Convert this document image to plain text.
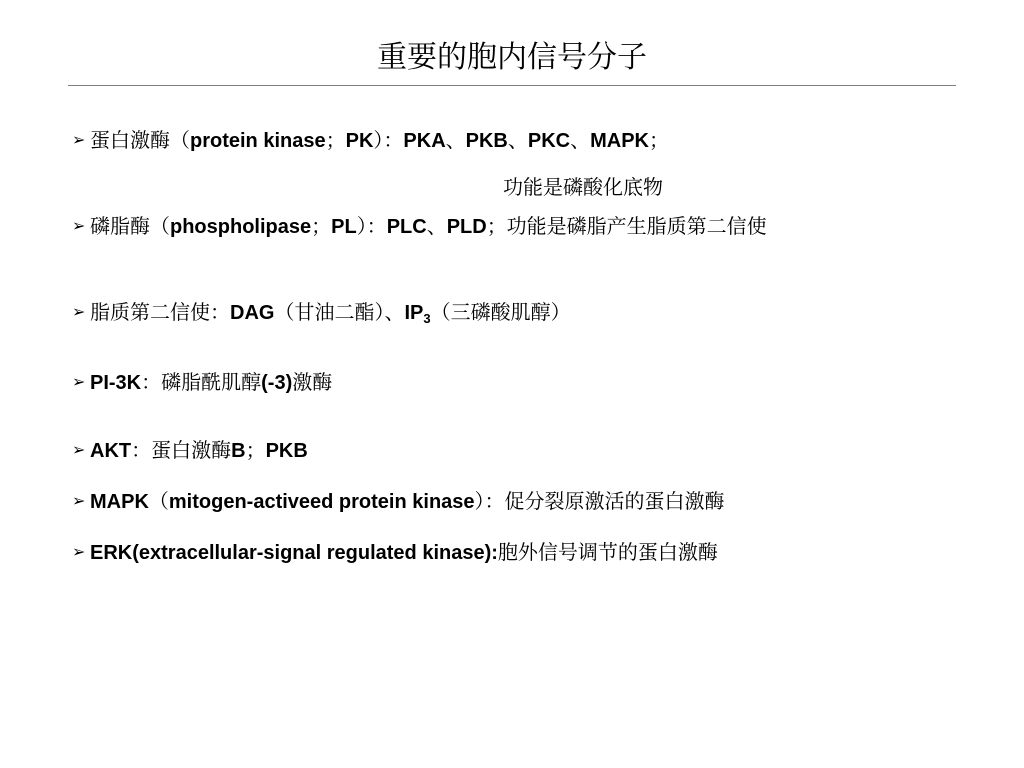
重要的胞内信号分子
➢ 蛋白激酶（protein kinase；PK）：PKA、PKB、PKC、MAPK；
功能是磷酸化底物
➢ 磷脂酶（phospholipase；PL）：PLC、PLD；功能是磷脂产生脂质第二信使
➢ 脂质第二信使：DAG（甘油二酯）、$IP_3$（三磷酸肌醇）
➢ PI-3K：磷脂酰肌醇(-3)激酶
➢ AKT：蛋白激酶B；PKB
➢ MAPK（mitogen-activeed protein kinase）：促分裂原激活的蛋白激酶
➢ ERK(extracellular-signal regulated kinase):胞外信号调节的蛋白激酶
